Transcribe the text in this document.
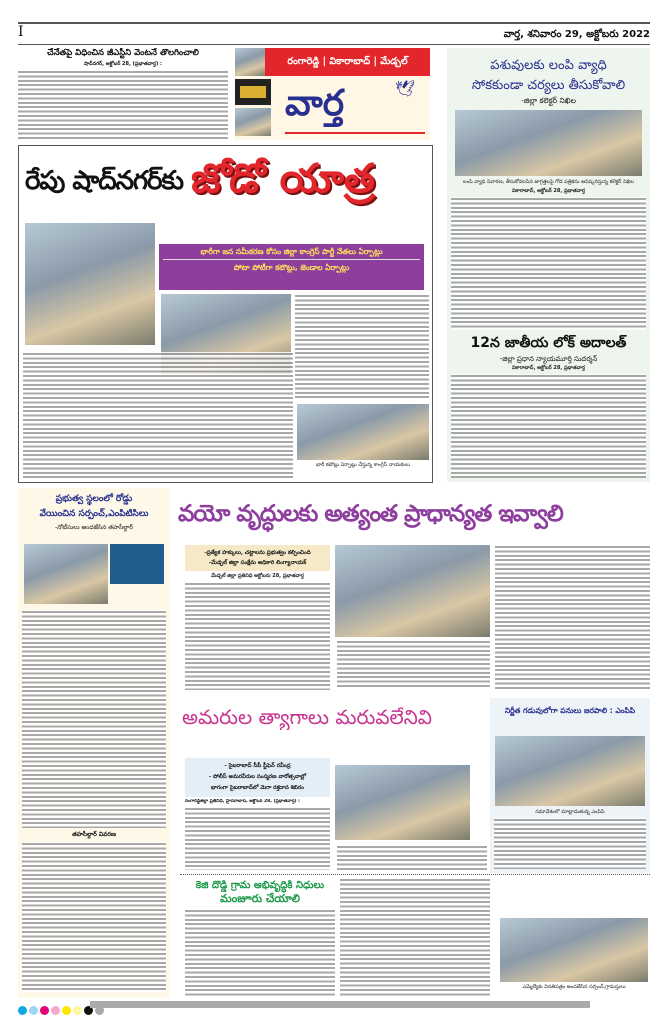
I	వార్త, శనివారం 29, అక్టోబరు 2022
చేనేతపై విధించిన జీఎస్టీని వెంటనే తొలగించాలి
షాద్‌నగర్, అక్టోబర్ 28, (ప్రభాతవార్త) :	రంగారెడ్డి | వికారాబాద్ | మేడ్చల్
🕊
వార్త
పశువులకు లంపి వ్యాధి
సోకకుండా చర్యలు తీసుకోవాలి
-జిల్లా కలెక్టర్ నిఖిల
లంపి వ్యాధి నివారణ, తీసుకోవలసిన జాగ్రత్తలపై గోడ పత్రికను ఆవిష్కరిస్తున్న కలెక్టర్ నిఖిల
వికారాబాద్, అక్టోబర్ 28, ప్రభాతవార్త
12న జాతీయ లోక్ అదాలత్
-జిల్లా ప్రధాన న్యాయమూర్తి సుదర్శన్
వికారాబాద్, అక్టోబర్ 28, ప్రభాతవార్త
రేపు షాద్‌నగర్‌కు జోడో యాత్ర
భారీగా జన సమీకరణ కోసం జిల్లా కాంగ్రెస్ పార్టీ నేతలు ఏర్పాట్లు
పోటా పోటీగా కటౌట్లు, జెండాల ఏర్పాట్లు
భారీ కటౌట్లు ఏర్పాట్లు చేస్తున్న కాంగ్రెస్ నాయకులు
ప్రభుత్వ స్థలంలో రోడ్డు
వేయించిన సర్పంచ్,ఎంపిటిసిలు
-నోటీసులు అందజేసిన తహసీల్దార్
తహసీల్దార్ వివరణ
వయో వృద్ధులకు అత్యంత ప్రాధాన్యత ఇవ్వాలి
-ప్రత్యేక హక్కులు, చట్టాలను ప్రభుత్వం కల్పించింది
-మేడ్చల్ జిల్లా సంక్షేమ అధికారి లింగ్యానాయక్
మేడ్చల్ జిల్లా ప్రతినిధి అక్టోబరు 28, ప్రభాతవార్త
అమరుల త్యాగాలు మరువలేనివి
- సైబరాబాద్ సీపీ స్టీఫెన్ రవీంద్ర
- పోలీస్ అమరవీరుల సంస్మరణ వారోత్సవాల్లో
భాగంగా సైబరాబాద్‌లో మెగా రక్తదాన శిబిరం
రంగారెడ్డిజిల్లా ప్రతినిధి, హైదరాబాద్, అక్టోబర్ 28, (ప్రభాతవార్త) :
నిర్ణీత గడువులోగా పనులు జరపాలి : ఎంపిపి
సమావేశంలో మాట్లాడుతున్న ఎంపిపి
కెజి దొడ్డి గ్రామ అభివృద్ధికి నిధులు
మంజూరు చేయాలి
ఎమ్మెల్యేకు వినతిపత్రం అందజేసిన సర్పంచ్,గ్రామస్తులు
